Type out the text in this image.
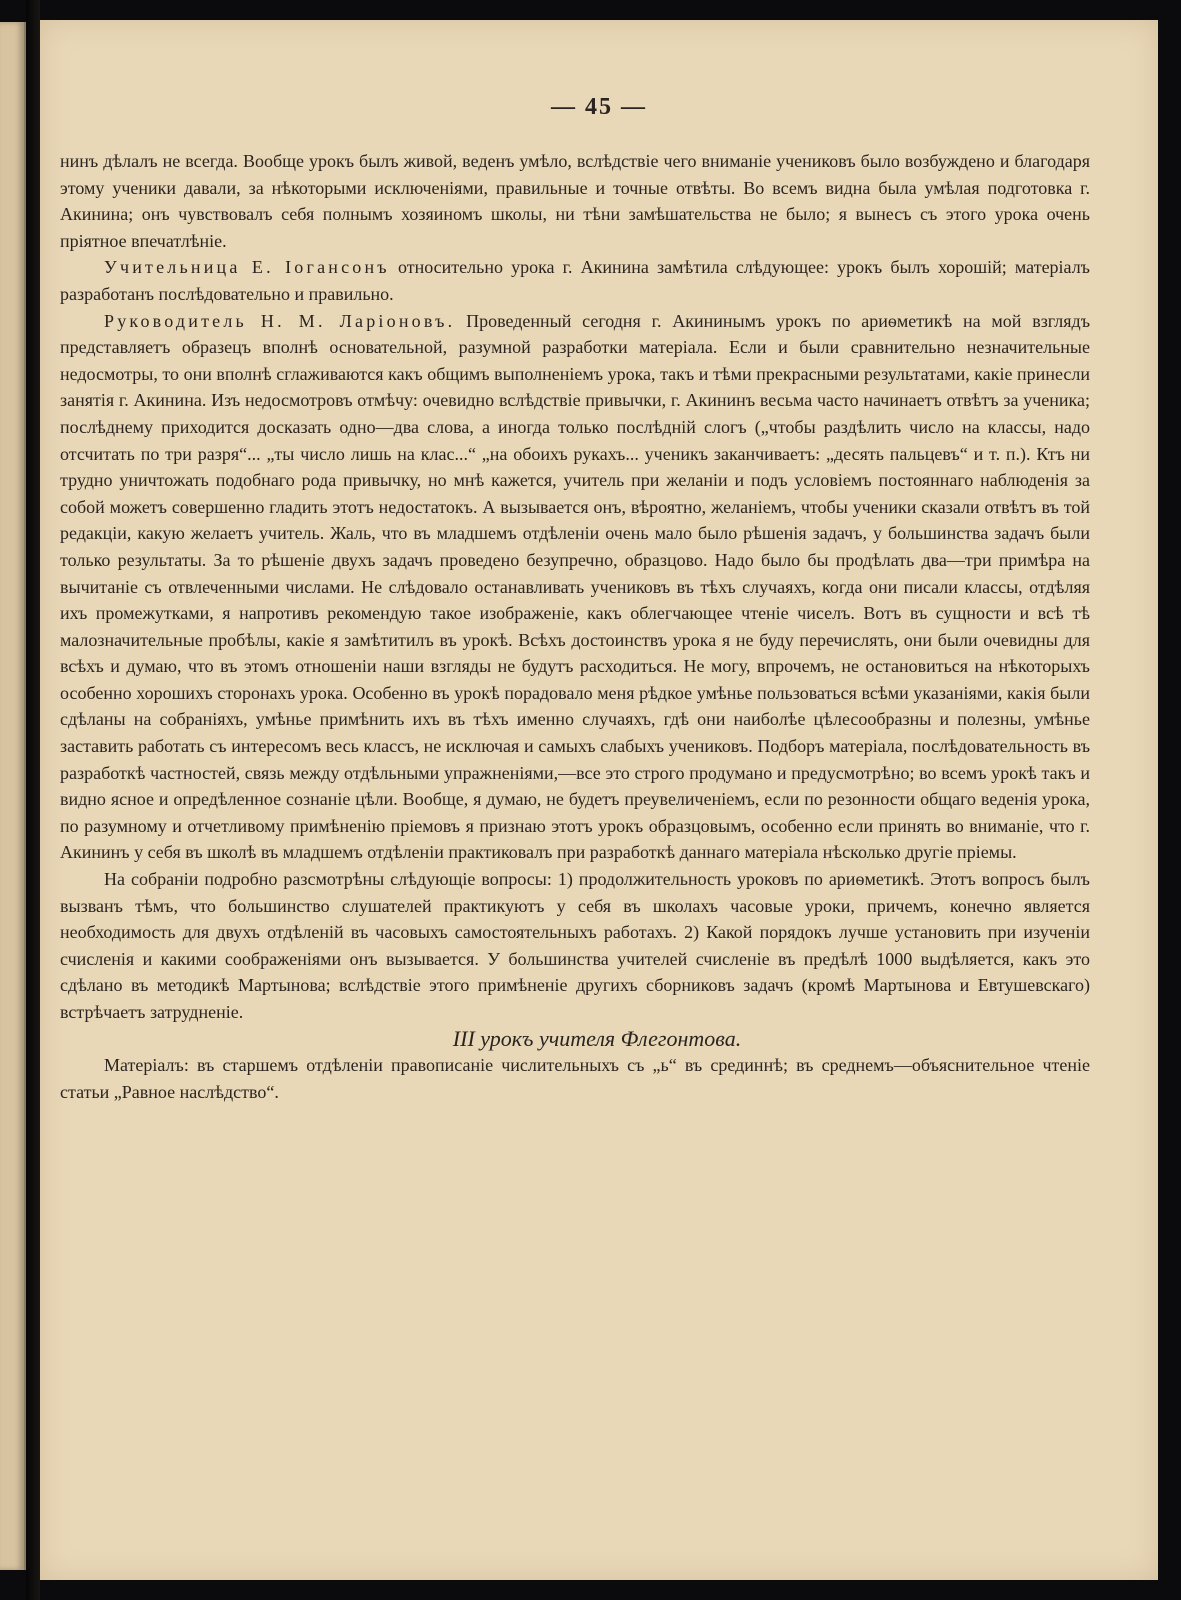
— 45 —

нинъ дѣлалъ не всегда. Вообще урокъ былъ живой, веденъ умѣло, вслѣдствіе чего вниманіе учениковъ было возбуждено и благодаря этому ученики давали, за нѣкоторыми исключеніями, правильные и точные отвѣты. Во всемъ видна была умѣлая подготовка г. Акинина; онъ чувствовалъ себя полнымъ хозяиномъ школы, ни тѣни замѣшательства не было; я вынесъ съ этого урока очень пріятное впечатлѣніе.

Учительница Е. Іогансонъ относительно урока г. Акинина замѣтила слѣдующее: урокъ былъ хорошій; матеріалъ разработанъ послѣдовательно и правильно.

Руководитель Н. М. Ларіоновъ. Проведенный сегодня г. Акининымъ урокъ по ариѳметикѣ на мой взглядъ представляетъ образецъ вполнѣ основательной, разумной разработки матеріала. Если и были сравнительно незначительные недосмотры, то они вполнѣ сглаживаются какъ общимъ выполненіемъ урока, такъ и тѣми прекрасными результатами, какіе принесли занятія г. Акинина. Изъ недосмотровъ отмѣчу: очевидно вслѣдствіе привычки, г. Акининъ весьма часто начинаетъ отвѣтъ за ученика; послѣднему приходится досказать одно—два слова, а иногда только послѣдній слогъ („чтобы раздѣлить число на классы, надо отсчитать по три разря“... „ты число лишь на клас...“ „на обоихъ рукахъ... ученикъ заканчиваетъ: „десять пальцевъ“ и т. п.). Ктъ ни трудно уничтожать подобнаго рода привычку, но мнѣ кажется, учитель при желаніи и подъ условіемъ постояннаго наблюденія за собой можетъ совершенно гладить этотъ недостатокъ. А вызывается онъ, вѣроятно, желаніемъ, чтобы ученики сказали отвѣтъ въ той редакціи, какую желаетъ учитель. Жаль, что въ младшемъ отдѣленіи очень мало было рѣшенія задачъ, у большинства задачъ были только результаты. За то рѣшеніе двухъ задачъ проведено безупречно, образцово. Надо было бы продѣлать два—три примѣра на вычитаніе съ отвлеченными числами. Не слѣдовало останавливать учениковъ въ тѣхъ случаяхъ, когда они писали классы, отдѣляя ихъ промежутками, я напротивъ рекомендую такое изображеніе, какъ облегчающее чтеніе чиселъ. Вотъ въ сущности и всѣ тѣ малозначительные пробѣлы, какіе я замѣтитилъ въ урокѣ. Всѣхъ достоинствъ урока я не буду перечислять, они были очевидны для всѣхъ и думаю, что въ этомъ отношеніи наши взгляды не будутъ расходиться. Не могу, впрочемъ, не остановиться на нѣкоторыхъ особенно хорошихъ сторонахъ урока. Особенно въ урокѣ порадовало меня рѣдкое умѣнье пользоваться всѣми указаніями, какія были сдѣланы на собраніяхъ, умѣнье примѣнить ихъ въ тѣхъ именно случаяхъ, гдѣ они наиболѣе цѣлесообразны и полезны, умѣнье заставить работать съ интересомъ весь классъ, не исключая и самыхъ слабыхъ учениковъ. Подборъ матеріала, послѣдовательность въ разработкѣ частностей, связь между отдѣльными упражненіями,—все это строго продумано и предусмотрѣно; во всемъ урокѣ такъ и видно ясное и опредѣленное сознаніе цѣли. Вообще, я думаю, не будетъ преувеличеніемъ, если по резонности общаго веденія урока, по разумному и отчетливому примѣненію пріемовъ я признаю этотъ урокъ образцовымъ, особенно если принять во вниманіе, что г. Акининъ у себя въ школѣ въ младшемъ отдѣленіи практиковалъ при разработкѣ даннаго матеріала нѣсколько другіе пріемы.

На собраніи подробно разсмотрѣны слѣдующіе вопросы: 1) продолжительность уроковъ по ариѳметикѣ. Этотъ вопросъ былъ вызванъ тѣмъ, что большинство слушателей практикуютъ у себя въ школахъ часовые уроки, причемъ, конечно является необходимость для двухъ отдѣленій въ часовыхъ самостоятельныхъ работахъ. 2) Какой порядокъ лучше установить при изученіи счисленія и какими соображеніями онъ вызывается. У большинства учителей счисленіе въ предѣлѣ 1000 выдѣляется, какъ это сдѣлано въ методикѣ Мартынова; вслѣдствіе этого примѣненіе другихъ сборниковъ задачъ (кромѣ Мартынова и Евтушевскаго) встрѣчаетъ затрудненіе.

III урокъ учителя Флегонтова.

Матеріалъ: въ старшемъ отдѣленіи правописаніе числительныхъ съ „ь“ въ срединнѣ; въ среднемъ—объяснительное чтеніе статьи „Равное наслѣдство“.
